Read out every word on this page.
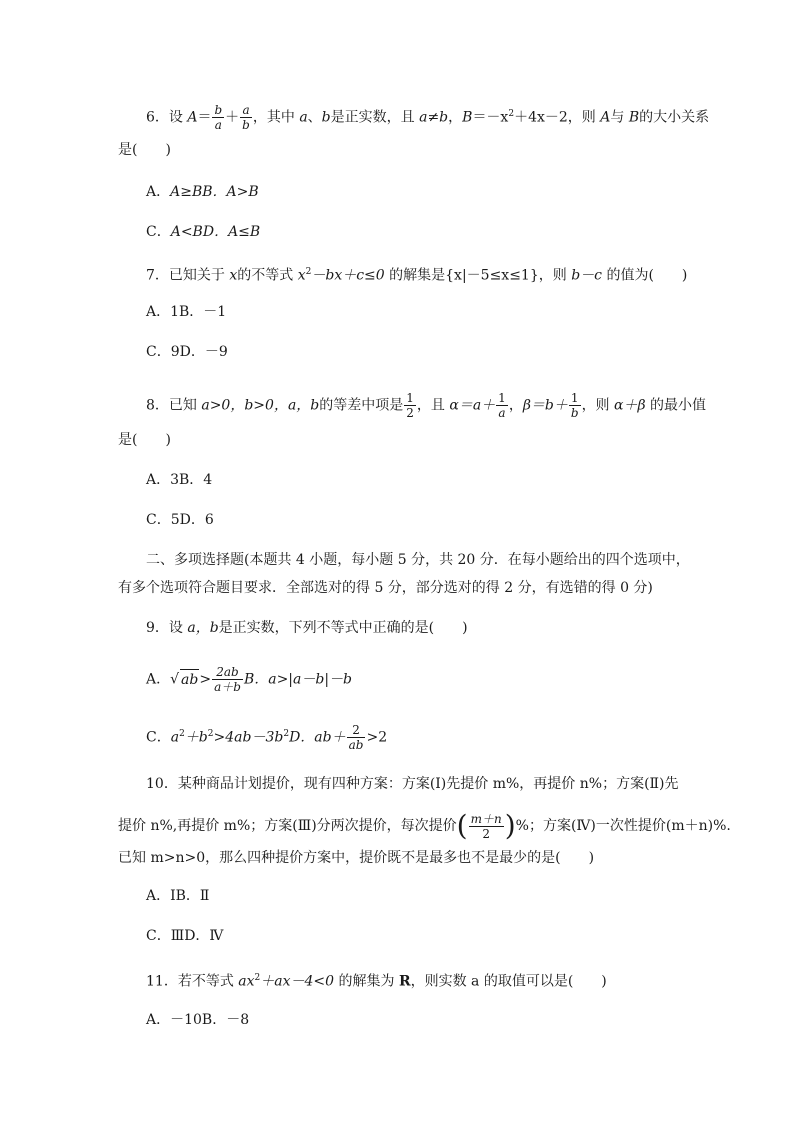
6．设 $A= \frac{b}{a} + \frac{a}{b}$ ，其中 a、b是正实数，且 a≠b，$B=-x^2+4x-2$，则 A与 B的大小关系
是(　　)
A．A≥BB．A>B
C．A<BD．A≤B
7．已知关于 x的不等式 $x^2-bx+c\le 0$ 的解集是{x|－5≤x≤1}，则 b－c 的值为(　　)
A．1B．－1
C．9D．－9
8．已知 a>0，b>0，a，b的等差中项是 $\frac{1}{2}$ ，且 $\alpha=a+ \frac{1}{a}$ ，$\beta=b+ \frac{1}{b}$ ，则 α＋β 的最小值
是(　　)
A．3B．4
C．5D．6
二、多项选择题(本题共 4 小题，每小题 5 分，共 20 分．在每小题给出的四个选项中，
有多个选项符合题目要求．全部选对的得 5 分，部分选对的得 2 分，有选错的得 0 分)
9．设 a，b是正实数，下列不等式中正确的是(　　)
A．√ $ab> \frac{2ab}{a+b}$ B．a>|a－b|－b
C．$a^2+b^2>4ab-3b^2D$．$ab+ \frac{2}{ab} >2$
10．某种商品计划提价，现有四种方案：方案(Ⅰ)先提价 m%，再提价 n%；方案(Ⅱ)先
提价 n%,再提价 m%；方案(Ⅲ)分两次提价，每次提价( $\frac{m+n}{2}$ )%；方案(Ⅳ)一次性提价(m＋n)%.
已知 m>n>0，那么四种提价方案中，提价既不是最多也不是最少的是(　　)
A．ⅠB．Ⅱ
C．ⅢD．Ⅳ
11．若不等式 $ax^2+ax-4<0$ 的解集为 R，则实数 a 的取值可以是(　　)
A．－10B．－8
